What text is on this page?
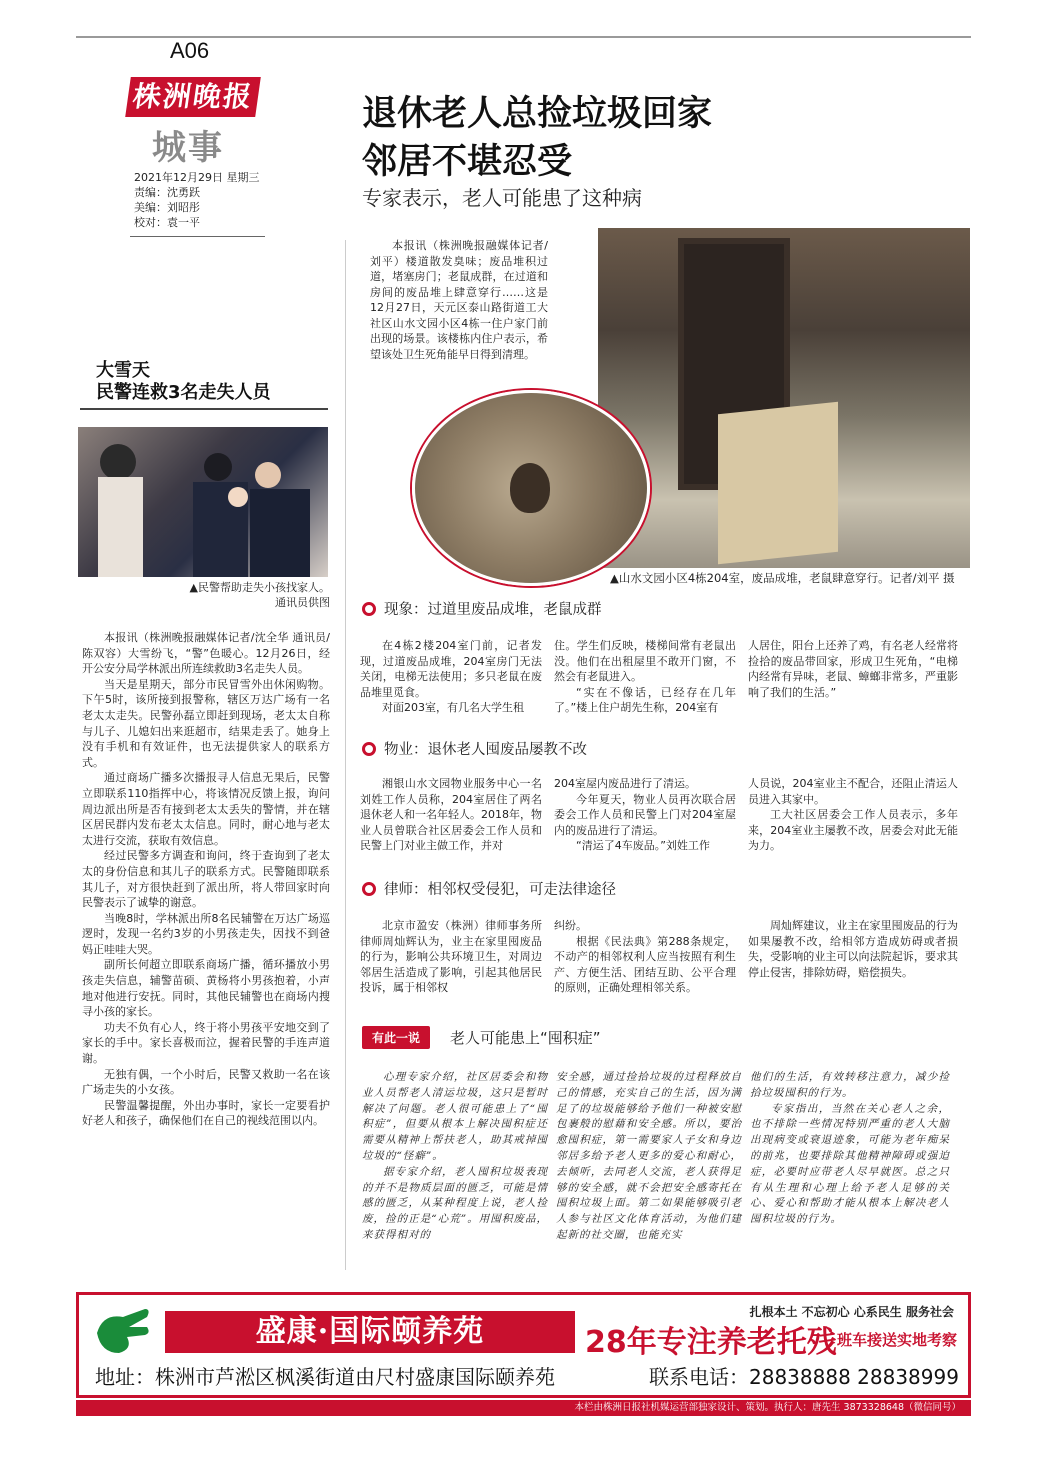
A06
株洲晚报
城事
2021年12月29日 星期三
责编：沈勇跃
美编：刘昭彤
校对：袁一平
退休老人总捡垃圾回家
邻居不堪忍受
专家表示，老人可能患了这种病
本报讯（株洲晚报融媒体记者/刘平）楼道散发臭味；废品堆积过道，堵塞房门；老鼠成群，在过道和房间的废品堆上肆意穿行……这是12月27日，天元区泰山路街道工大社区山水文园小区4栋一住户家门前出现的场景。该楼栋内住户表示，希望该处卫生死角能早日得到清理。
▲山水文园小区4栋204室，废品成堆，老鼠肆意穿行。记者/刘平 摄
大雪天
民警连救3名走失人员
▲民警帮助走失小孩找家人。
通讯员供图

本报讯（株洲晚报融媒体记者/沈全华 通讯员/陈双容）大雪纷飞，“警”色暖心。12月26日，经开公安分局学林派出所连续救助3名走失人员。

当天是星期天，部分市民冒雪外出休闲购物。下午5时，该所接到报警称，辖区万达广场有一名老太太走失。民警孙磊立即赶到现场，老太太自称与儿子、儿媳妇出来逛超市，结果走丢了。她身上没有手机和有效证件，也无法提供家人的联系方式。

通过商场广播多次播报寻人信息无果后，民警立即联系110指挥中心，将该情况反馈上报，询问周边派出所是否有接到老太太丢失的警情，并在辖区居民群内发布老太太信息。同时，耐心地与老太太进行交流，获取有效信息。

经过民警多方调查和询问，终于查询到了老太太的身份信息和其儿子的联系方式。民警随即联系其儿子，对方很快赶到了派出所，将人带回家时向民警表示了诚挚的谢意。

当晚8时，学林派出所8名民辅警在万达广场巡逻时，发现一名约3岁的小男孩走失，因找不到爸妈正哇哇大哭。

副所长何超立即联系商场广播，循环播放小男孩走失信息，辅警苗硕、黄杨将小男孩抱着，小声地对他进行安抚。同时，其他民辅警也在商场内搜寻小孩的家长。

功夫不负有心人，终于将小男孩平安地交到了家长的手中。家长喜极而泣，握着民警的手连声道谢。

无独有偶，一个小时后，民警又救助一名在该广场走失的小女孩。

民警温馨提醒，外出办事时，家长一定要看护好老人和孩子，确保他们在自己的视线范围以内。

现象：过道里废品成堆，老鼠成群

在4栋2楼204室门前，记者发现，过道废品成堆，204室房门无法关闭，电梯无法使用；多只老鼠在废品堆里觅食。

对面203室，有几名大学生租

住。学生们反映，楼梯间常有老鼠出没。他们在出租屋里不敢开门窗，不然会有老鼠进入。

“实在不像话，已经存在几年了。”楼上住户胡先生称，204室有

人居住，阳台上还养了鸡，有名老人经常将捡拾的废品带回家，形成卫生死角，“电梯内经常有异味，老鼠、蟑螂非常多，严重影响了我们的生活。”

物业：退休老人囤废品屡教不改

湘银山水文园物业服务中心一名刘姓工作人员称，204室居住了两名退休老人和一名年轻人。2018年，物业人员曾联合社区居委会工作人员和民警上门对业主做工作，并对

204室屋内废品进行了清运。

今年夏天，物业人员再次联合居委会工作人员和民警上门对204室屋内的废品进行了清运。

“清运了4车废品。”刘姓工作

人员说，204室业主不配合，还阻止清运人员进入其家中。

工大社区居委会工作人员表示，多年来，204室业主屡教不改，居委会对此无能为力。

律师：相邻权受侵犯，可走法律途径

北京市盈安（株洲）律师事务所律师周灿辉认为，业主在家里囤废品的行为，影响公共环境卫生，对周边邻居生活造成了影响，引起其他居民投诉，属于相邻权

纠纷。

根据《民法典》第288条规定，不动产的相邻权利人应当按照有利生产、方便生活、团结互助、公平合理的原则，正确处理相邻关系。

周灿辉建议，业主在家里囤废品的行为如果屡教不改，给相邻方造成妨碍或者损失，受影响的业主可以向法院起诉，要求其停止侵害，排除妨碍，赔偿损失。

有此一说	老人可能患上“囤积症”

心理专家介绍，社区居委会和物业人员帮老人清运垃圾，这只是暂时解决了问题。老人很可能患上了“囤积症”，但要从根本上解决囤积症还需要从精神上帮扶老人，助其戒掉囤垃圾的“怪癖”。

据专家介绍，老人囤积垃圾表现的并不是物质层面的匮乏，可能是情感的匮乏，从某种程度上说，老人捡废，捡的正是“心荒”。用囤积废品，来获得相对的

安全感，通过捡拾垃圾的过程释放自己的情感，充实自己的生活，因为满足了的垃圾能够给予他们一种被安慰包裹般的慰藉和安全感。所以，要治愈囤积症，第一需要家人子女和身边邻居多给予老人更多的爱心和耐心，去倾听，去同老人交流，老人获得足够的安全感，就不会把安全感寄托在囤积垃圾上面。第二如果能够吸引老人参与社区文化体育活动，为他们建起新的社交圈，也能充实

他们的生活，有效转移注意力，减少捡拾垃圾囤积的行为。

专家指出，当然在关心老人之余，也不排除一些情况特别严重的老人大脑出现病变或衰退迹象，可能为老年痴呆的前兆，也要排除其他精神障碍或强迫症，必要时应带老人尽早就医。总之只有从生理和心理上给予老人足够的关心、爱心和帮助才能从根本上解决老人囤积垃圾的行为。

盛康·国际颐养苑
扎根本土 不忘初心 心系民生 服务社会
28年专注养老托残 班车接送实地考察
地址：株洲市芦淞区枫溪街道由尺村盛康国际颐养苑	联系电话：28838888 28838999
本栏由株洲日报社机媒运营部独家设计、策划。执行人：唐先生 3873328648（微信同号）
